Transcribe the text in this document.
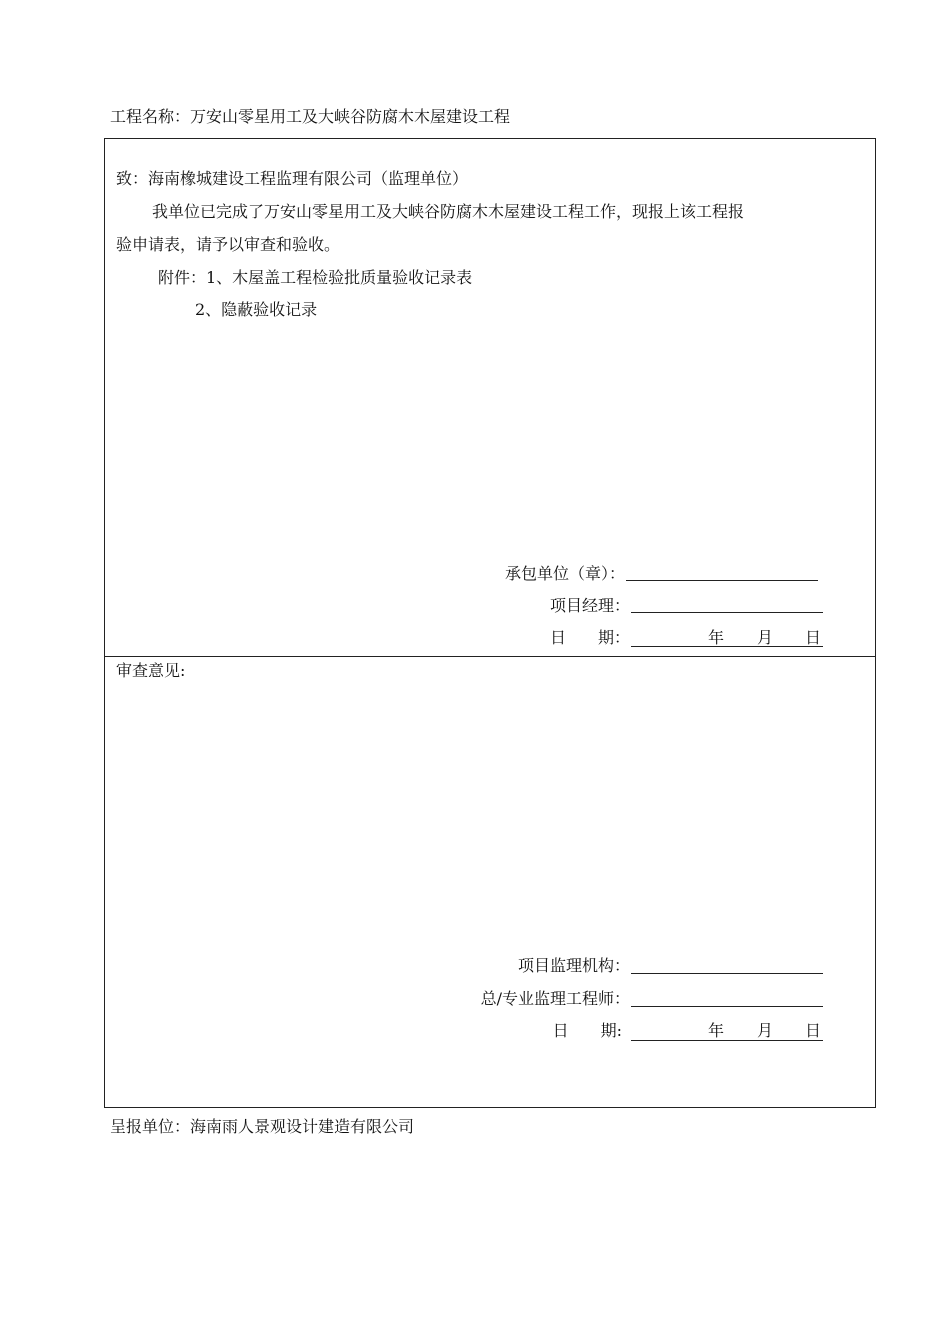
工程名称：万安山零星用工及大峡谷防腐木木屋建设工程
致：海南橡城建设工程监理有限公司（监理单位）
我单位已完成了万安山零星用工及大峡谷防腐木木屋建设工程工作，现报上该工程报
验申请表，请予以审查和验收。
附件：1、木屋盖工程检验批质量验收记录表
2、隐蔽验收记录
承包单位（章）：
项目经理：
日　　期：	年 月 日
审查意见:
项目监理机构：
总/专业监理工程师：
日　　期:	年 月 日
呈报单位：海南雨人景观设计建造有限公司
